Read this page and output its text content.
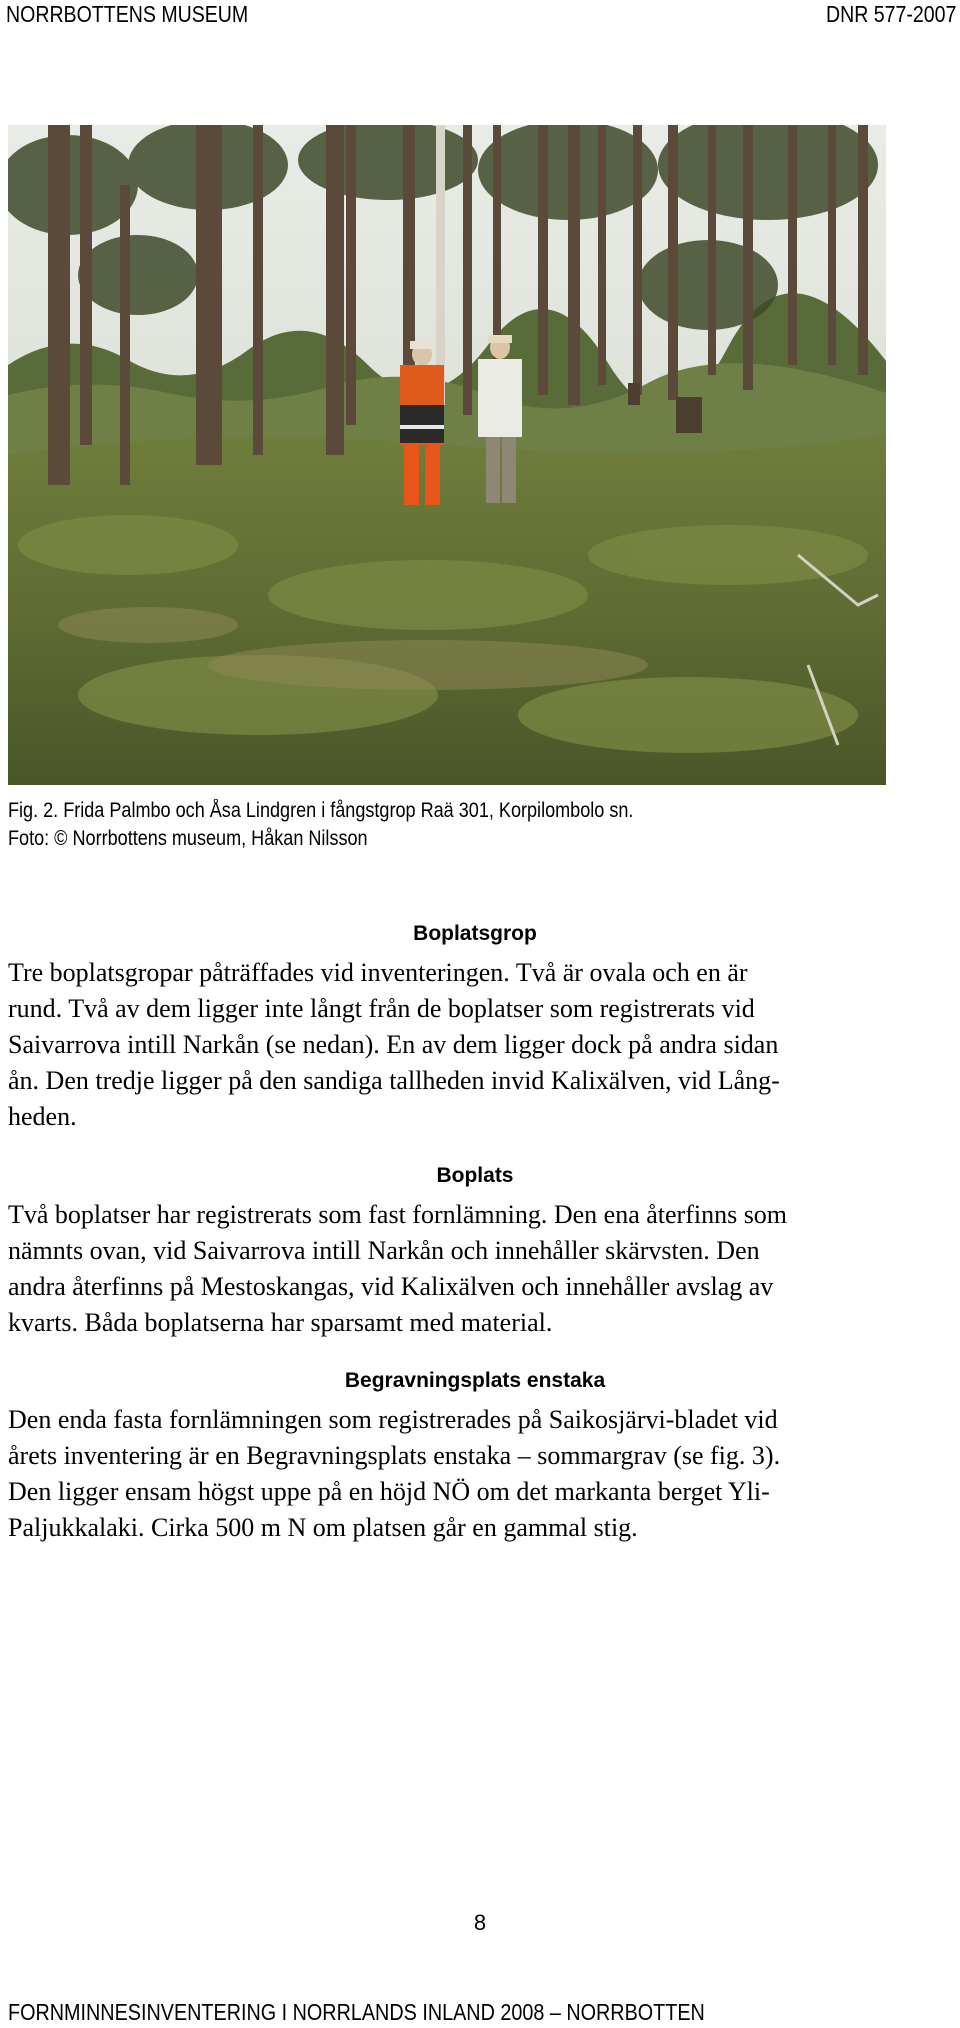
NORRBOTTENS MUSEUM	DNR 577-2007
Fig. 2. Frida Palmbo och Åsa Lindgren i fångstgrop Raä 301, Korpilombolo sn.
Foto: © Norrbottens museum, Håkan Nilsson
Boplatsgrop

Tre boplatsgropar påträffades vid inventeringen. Två är ovala och en är

rund. Två av dem ligger inte långt från de boplatser som registrerats vid

Saivarrova intill Narkån (se nedan). En av dem ligger dock på andra sidan

ån. Den tredje ligger på den sandiga tallheden invid Kalixälven, vid Lång-

heden.

Boplats

Två boplatser har registrerats som fast fornlämning. Den ena återfinns som

nämnts ovan, vid Saivarrova intill Narkån och innehåller skärvsten. Den

andra återfinns på Mestoskangas, vid Kalixälven och innehåller avslag av

kvarts. Båda boplatserna har sparsamt med material.

Begravningsplats enstaka

Den enda fasta fornlämningen som registrerades på Saikosjärvi-bladet vid

årets inventering är en Begravningsplats enstaka – sommargrav (se fig. 3).

Den ligger ensam högst uppe på en höjd NÖ om det markanta berget Yli-

Paljukkalaki. Cirka 500 m N om platsen går en gammal stig.

8
FORNMINNESINVENTERING I NORRLANDS INLAND 2008 – NORRBOTTEN
